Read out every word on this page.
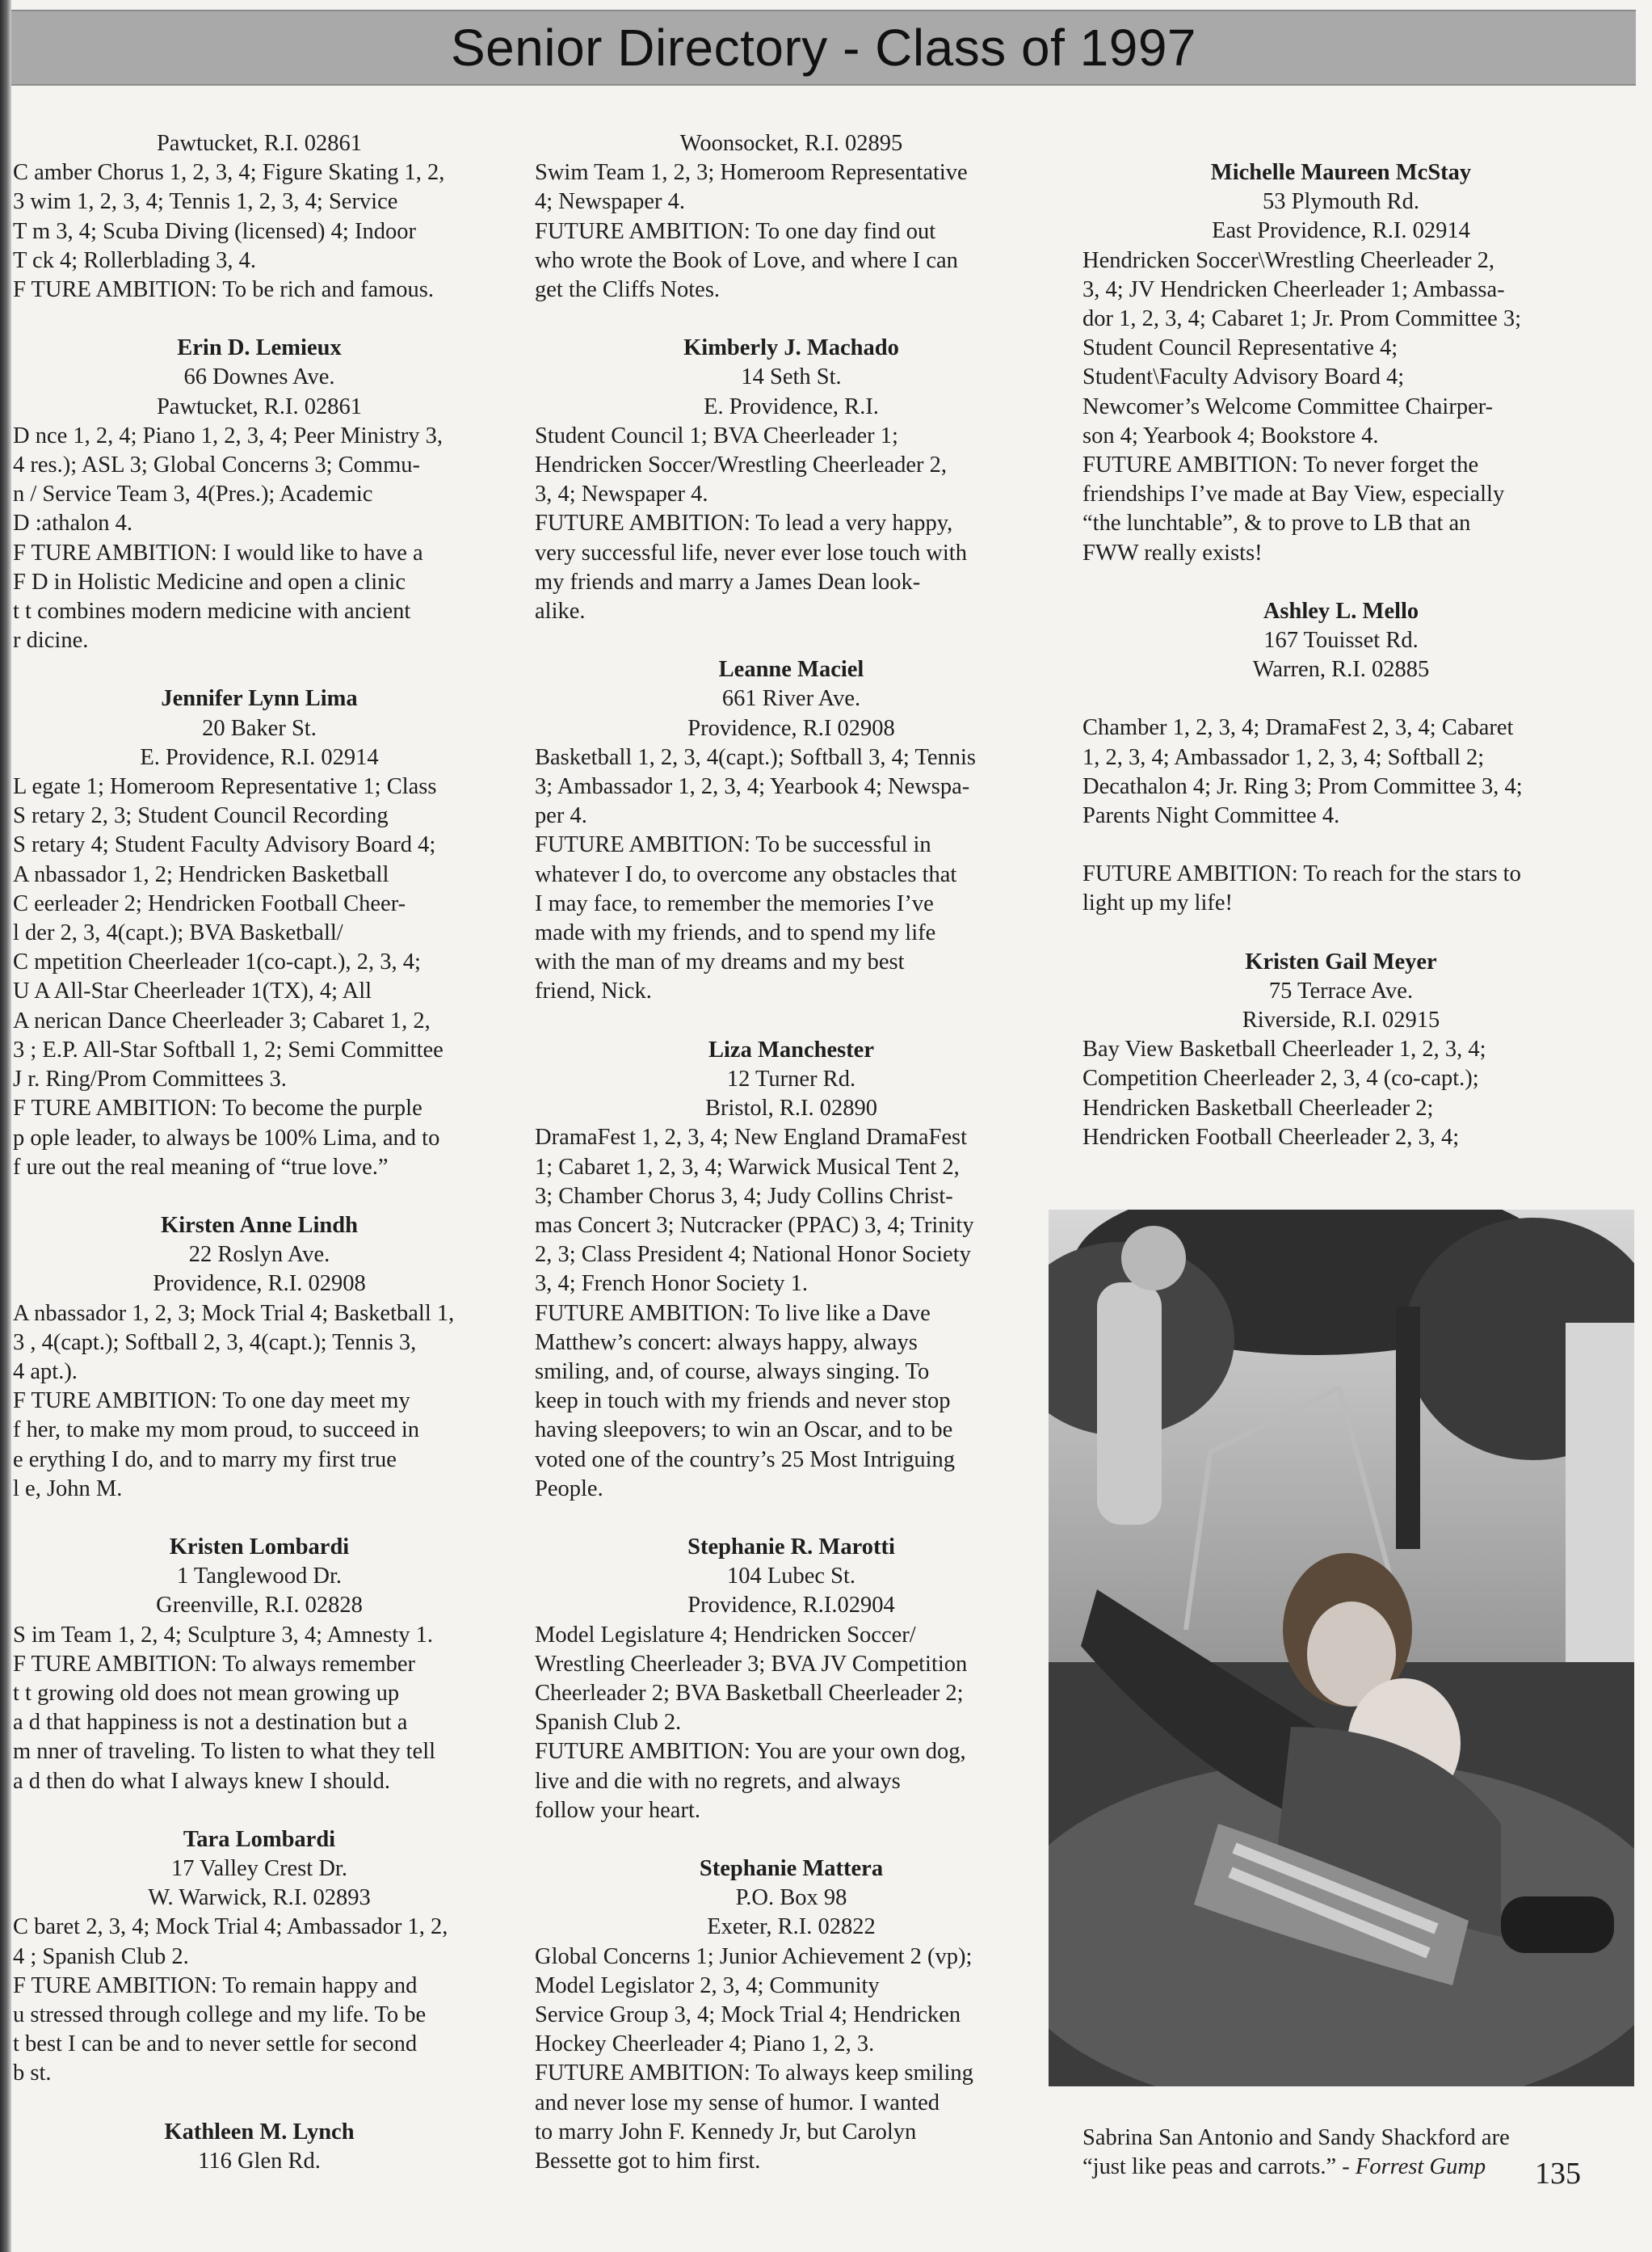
Senior Directory - Class of 1997
Pawtucket, R.I. 02861
C amber Chorus 1, 2, 3, 4; Figure Skating 1, 2,
3 wim 1, 2, 3, 4; Tennis 1, 2, 3, 4; Service
T m 3, 4; Scuba Diving (licensed) 4; Indoor
T ck 4; Rollerblading 3, 4.
F TURE AMBITION: To be rich and famous.
Erin D. Lemieux
66 Downes Ave.
Pawtucket, R.I. 02861
D nce 1, 2, 4; Piano 1, 2, 3, 4; Peer Ministry 3,
4 res.); ASL 3; Global Concerns 3; Commu-
n / Service Team 3, 4(Pres.); Academic
D :athalon 4.
F TURE AMBITION: I would like to have a
F D in Holistic Medicine and open a clinic
t t combines modern medicine with ancient
r dicine.
Jennifer Lynn Lima
20 Baker St.
E. Providence, R.I. 02914
L egate 1; Homeroom Representative 1; Class
S retary 2, 3; Student Council Recording
S retary 4; Student Faculty Advisory Board 4;
A nbassador 1, 2; Hendricken Basketball
C eerleader 2; Hendricken Football Cheer-
l der 2, 3, 4(capt.); BVA Basketball/
C mpetition Cheerleader 1(co-capt.), 2, 3, 4;
U A All-Star Cheerleader 1(TX), 4; All
A nerican Dance Cheerleader 3; Cabaret 1, 2,
3 ; E.P. All-Star Softball 1, 2; Semi Committee
J r. Ring/Prom Committees 3.
F TURE AMBITION: To become the purple
p ople leader, to always be 100% Lima, and to
f ure out the real meaning of “true love.”
Kirsten Anne Lindh
22 Roslyn Ave.
Providence, R.I. 02908
A nbassador 1, 2, 3; Mock Trial 4; Basketball 1,
3 , 4(capt.); Softball 2, 3, 4(capt.); Tennis 3,
4 apt.).
F TURE AMBITION: To one day meet my
f her, to make my mom proud, to succeed in
e erything I do, and to marry my first true
l e, John M.
Kristen Lombardi
1 Tanglewood Dr.
Greenville, R.I. 02828
S im Team 1, 2, 4; Sculpture 3, 4; Amnesty 1.
F TURE AMBITION: To always remember
t t growing old does not mean growing up
a d that happiness is not a destination but a
m nner of traveling. To listen to what they tell
a d then do what I always knew I should.
Tara Lombardi
17 Valley Crest Dr.
W. Warwick, R.I. 02893
C baret 2, 3, 4; Mock Trial 4; Ambassador 1, 2,
4 ; Spanish Club 2.
F TURE AMBITION: To remain happy and
u stressed through college and my life. To be
t best I can be and to never settle for second
b st.
Kathleen M. Lynch
116 Glen Rd.
Woonsocket, R.I. 02895
Swim Team 1, 2, 3; Homeroom Representative
4; Newspaper 4.
FUTURE AMBITION: To one day find out
who wrote the Book of Love, and where I can
get the Cliffs Notes.
Kimberly J. Machado
14 Seth St.
E. Providence, R.I.
Student Council 1; BVA Cheerleader 1;
Hendricken Soccer/Wrestling Cheerleader 2,
3, 4; Newspaper 4.
FUTURE AMBITION: To lead a very happy,
very successful life, never ever lose touch with
my friends and marry a James Dean look-
alike.
Leanne Maciel
661 River Ave.
Providence, R.I 02908
Basketball 1, 2, 3, 4(capt.); Softball 3, 4; Tennis
3; Ambassador 1, 2, 3, 4; Yearbook 4; Newspa-
per 4.
FUTURE AMBITION: To be successful in
whatever I do, to overcome any obstacles that
I may face, to remember the memories I’ve
made with my friends, and to spend my life
with the man of my dreams and my best
friend, Nick.
Liza Manchester
12 Turner Rd.
Bristol, R.I. 02890
DramaFest 1, 2, 3, 4; New England DramaFest
1; Cabaret 1, 2, 3, 4; Warwick Musical Tent 2,
3; Chamber Chorus 3, 4; Judy Collins Christ-
mas Concert 3; Nutcracker (PPAC) 3, 4; Trinity
2, 3; Class President 4; National Honor Society
3, 4; French Honor Society 1.
FUTURE AMBITION: To live like a Dave
Matthew’s concert: always happy, always
smiling, and, of course, always singing. To
keep in touch with my friends and never stop
having sleepovers; to win an Oscar, and to be
voted one of the country’s 25 Most Intriguing
People.
Stephanie R. Marotti
104 Lubec St.
Providence, R.I.02904
Model Legislature 4; Hendricken Soccer/
Wrestling Cheerleader 3; BVA JV Competition
Cheerleader 2; BVA Basketball Cheerleader 2;
Spanish Club 2.
FUTURE AMBITION: You are your own dog,
live and die with no regrets, and always
follow your heart.
Stephanie Mattera
P.O. Box 98
Exeter, R.I. 02822
Global Concerns 1; Junior Achievement 2 (vp);
Model Legislator 2, 3, 4; Community
Service Group 3, 4; Mock Trial 4; Hendricken
Hockey Cheerleader 4; Piano 1, 2, 3.
FUTURE AMBITION: To always keep smiling
and never lose my sense of humor. I wanted
to marry John F. Kennedy Jr, but Carolyn
Bessette got to him first.
Michelle Maureen McStay
53 Plymouth Rd.
East Providence, R.I. 02914
Hendricken Soccer\Wrestling Cheerleader 2,
3, 4; JV Hendricken Cheerleader 1; Ambassa-
dor 1, 2, 3, 4; Cabaret 1; Jr. Prom Committee 3;
Student Council Representative 4;
Student\Faculty Advisory Board 4;
Newcomer’s Welcome Committee Chairper-
son 4; Yearbook 4; Bookstore 4.
FUTURE AMBITION: To never forget the
friendships I’ve made at Bay View, especially
“the lunchtable”, & to prove to LB that an
FWW really exists!
Ashley L. Mello
167 Touisset Rd.
Warren, R.I. 02885
Chamber 1, 2, 3, 4; DramaFest 2, 3, 4; Cabaret
1, 2, 3, 4; Ambassador 1, 2, 3, 4; Softball 2;
Decathalon 4; Jr. Ring 3; Prom Committee 3, 4;
Parents Night Committee 4.
FUTURE AMBITION: To reach for the stars to
light up my life!
Kristen Gail Meyer
75 Terrace Ave.
Riverside, R.I. 02915
Bay View Basketball Cheerleader 1, 2, 3, 4;
Competition Cheerleader 2, 3, 4 (co-capt.);
Hendricken Basketball Cheerleader 2;
Hendricken Football Cheerleader 2, 3, 4;
Sabrina San Antonio and Sandy Shackford are
“just like peas and carrots.” - Forrest Gump	135
